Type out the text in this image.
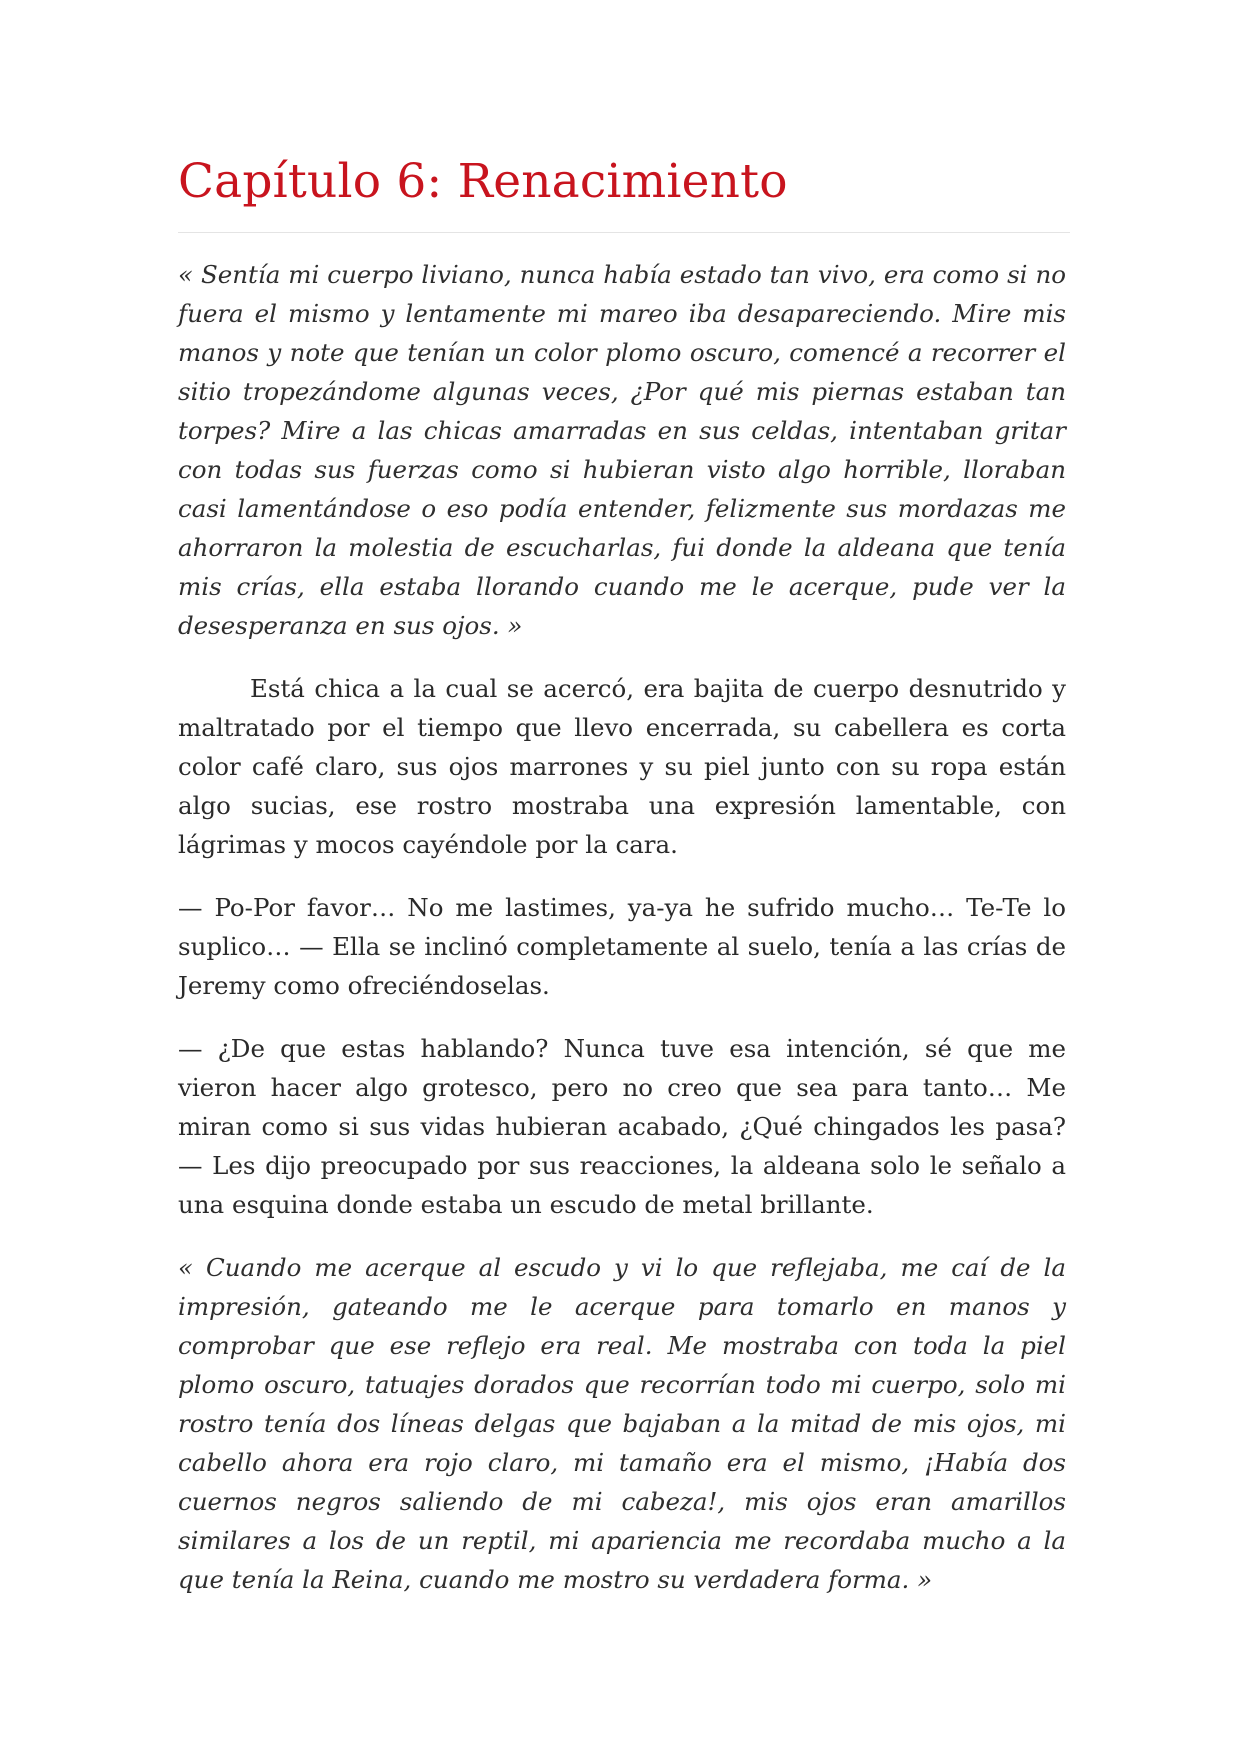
Capítulo 6: Renacimiento

« Sentía mi cuerpo liviano, nunca había estado tan vivo, era como si no fuera el mismo y lentamente mi mareo iba desapareciendo. Mire mis manos y note que tenían un color plomo oscuro, comencé a recorrer el sitio tropezándome algunas veces, ¿Por qué mis piernas estaban tan torpes? Mire a las chicas amarradas en sus celdas, intentaban gritar con todas sus fuerzas como si hubieran visto algo horrible, lloraban casi lamentándose o eso podía entender, felizmente sus mordazas me ahorraron la molestia de escucharlas, fui donde la aldeana que tenía mis crías, ella estaba llorando cuando me le acerque, pude ver la desesperanza en sus ojos. »

Está chica a la cual se acercó, era bajita de cuerpo desnutrido y maltratado por el tiempo que llevo encerrada, su cabellera es corta color café claro, sus ojos marrones y su piel junto con su ropa están algo sucias, ese rostro mostraba una expresión lamentable, con lágrimas y mocos cayéndole por la cara.

— Po-Por favor… No me lastimes, ya-ya he sufrido mucho… Te-Te lo suplico… — Ella se inclinó completamente al suelo, tenía a las crías de Jeremy como ofreciéndoselas.

— ¿De que estas hablando? Nunca tuve esa intención, sé que me vieron hacer algo grotesco, pero no creo que sea para tanto… Me miran como si sus vidas hubieran acabado, ¿Qué chingados les pasa? — Les dijo preocupado por sus reacciones, la aldeana solo le señalo a una esquina donde estaba un escudo de metal brillante.

« Cuando me acerque al escudo y vi lo que reflejaba, me caí de la impresión, gateando me le acerque para tomarlo en manos y comprobar que ese reflejo era real. Me mostraba con toda la piel plomo oscuro, tatuajes dorados que recorrían todo mi cuerpo, solo mi rostro tenía dos líneas delgas que bajaban a la mitad de mis ojos, mi cabello ahora era rojo claro, mi tamaño era el mismo, ¡Había dos cuernos negros saliendo de mi cabeza!, mis ojos eran amarillos similares a los de un reptil, mi apariencia me recordaba mucho a la que tenía la Reina, cuando me mostro su verdadera forma. »
